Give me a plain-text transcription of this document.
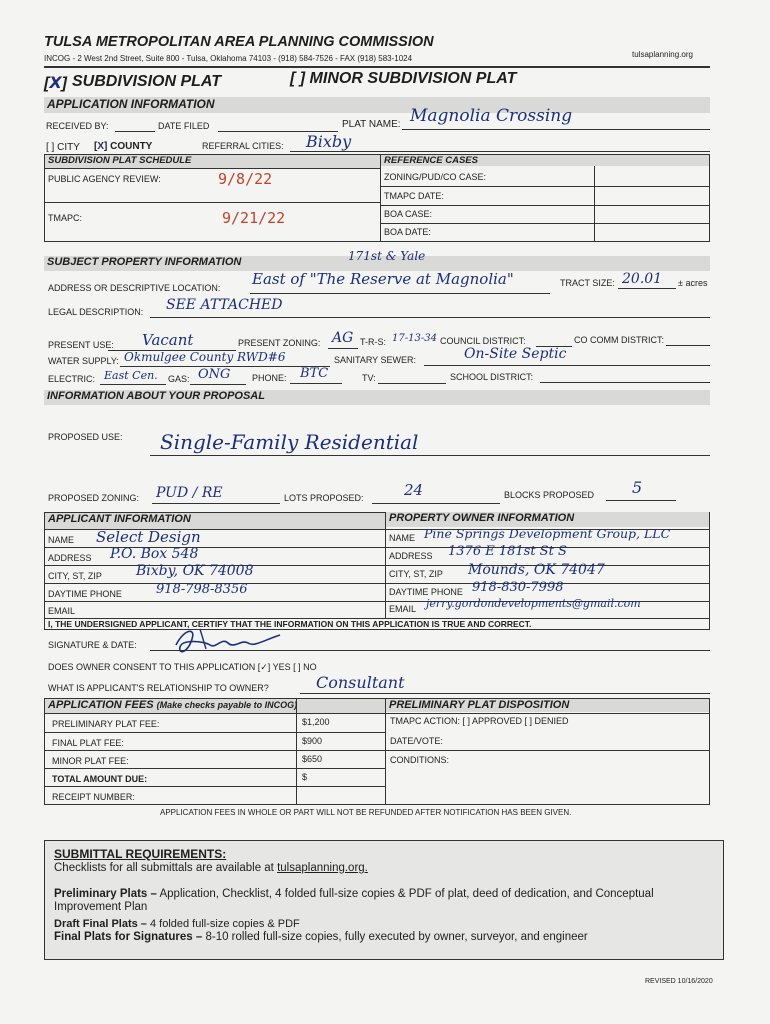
TULSA METROPOLITAN AREA PLANNING COMMISSION
INCOG - 2 West 2nd Street, Suite 800 - Tulsa, Oklahoma 74103 - (918) 584-7526 - FAX (918) 583-1024	tulsaplanning.org
[X] SUBDIVISION PLAT	[ ] MINOR SUBDIVISION PLAT
APPLICATION INFORMATION
RECEIVED BY:	DATE FILED	PLAT NAME: Magnolia Crossing
[ ] CITY [X] COUNTY	REFERRAL CITIES: Bixby
SUBDIVISION PLAT SCHEDULE	REFERENCE CASES
PUBLIC AGENCY REVIEW:	9/8/22
TMAPC:	9/21/22
ZONING/PUD/CO CASE:
TMAPC DATE:
BOA CASE:
BOA DATE:
SUBJECT PROPERTY INFORMATION	171st & Yale
ADDRESS OR DESCRIPTIVE LOCATION: East of "The Reserve at Magnolia"	TRACT SIZE: 20.01 ± acres
LEGAL DESCRIPTION: SEE ATTACHED
PRESENT USE: Vacant	PRESENT ZONING: AG T-R-S: 17-13-34 COUNCIL DISTRICT:	CO COMM DISTRICT:
WATER SUPPLY: Okmulgee County RWD#6	SANITARY SEWER:	On-Site Septic
ELECTRIC: East Cen. GAS: ONG PHONE: BTC	TV:	SCHOOL DISTRICT:
INFORMATION ABOUT YOUR PROPOSAL
PROPOSED USE: Single-Family Residential
PROPOSED ZONING: PUD / RE	LOTS PROPOSED:	24	BLOCKS PROPOSED 5
APPLICANT INFORMATION	PROPERTY OWNER INFORMATION
NAME Select Design
ADDRESS P.O. Box 548
CITY, ST, ZIP Bixby, OK 74008
DAYTIME PHONE	918-798-8356
EMAIL
NAME Pine Springs Development Group, LLC
ADDRESS 1376 E 181st St S
CITY, ST, ZIP Mounds, OK 74047
DAYTIME PHONE 918-830-7998
EMAIL jerry.gordondevelopments@gmail.com
I, THE UNDERSIGNED APPLICANT, CERTIFY THAT THE INFORMATION ON THIS APPLICATION IS TRUE AND CORRECT.
SIGNATURE & DATE:
DOES OWNER CONSENT TO THIS APPLICATION [✓] YES [ ] NO
WHAT IS APPLICANT'S RELATIONSHIP TO OWNER?	Consultant
APPLICATION FEES (Make checks payable to INCOG)	PRELIMINARY PLAT DISPOSITION
PRELIMINARY PLAT FEE:	$1,200
FINAL PLAT FEE:	$900
MINOR PLAT FEE:	$650
TOTAL AMOUNT DUE:	$
RECEIPT NUMBER:
TMAPC ACTION: [ ] APPROVED [ ] DENIED
DATE/VOTE:
CONDITIONS:
APPLICATION FEES IN WHOLE OR PART WILL NOT BE REFUNDED AFTER NOTIFICATION HAS BEEN GIVEN.
SUBMITTAL REQUIREMENTS:
Checklists for all submittals are available at tulsaplanning.org.
Preliminary Plats – Application, Checklist, 4 folded full-size copies & PDF of plat, deed of dedication, and Conceptual Improvement Plan
Draft Final Plats – 4 folded full-size copies & PDF
Final Plats for Signatures – 8-10 rolled full-size copies, fully executed by owner, surveyor, and engineer
REVISED 10/16/2020
